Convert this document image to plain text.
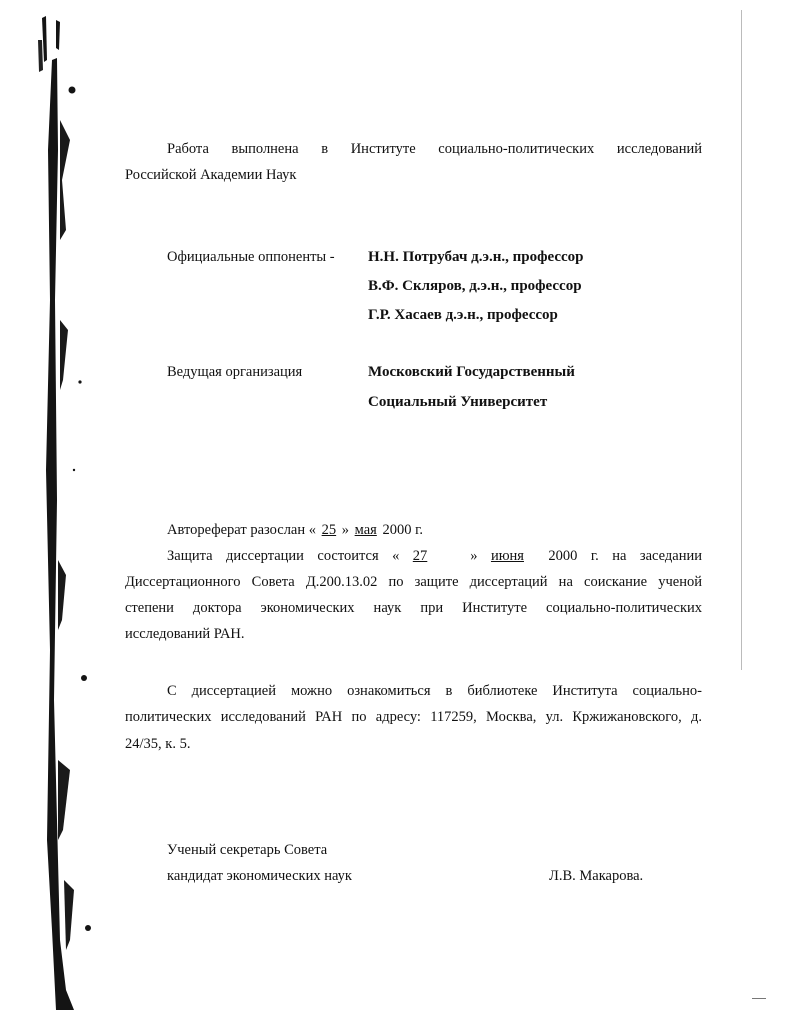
Работа выполнена в Институте социально-политических исследований
Российской Академии Наук
Официальные оппоненты - Н.Н. Потрубач д.э.н., профессор
В.Ф. Скляров, д.э.н., профессор
Г.Р. Хасаев д.э.н., профессор
Ведущая организация	Московский Государственный
Социальный Университет
Автореферат разослан « 25 » мая 2000 г.
Защита диссертации состоится « 27	» июня 2000 г. на заседании
Диссертационного Совета Д.200.13.02 по защите диссертаций на соискание ученой
степени доктора экономических наук при Институте социально-политических
исследований РАН.
С диссертацией можно ознакомиться в библиотеке Института социально-
политических исследований РАН по адресу: 117259, Москва, ул. Кржижановского, д.
24/35, к. 5.
Ученый секретарь Совета
кандидат экономических наук	Л.В. Макарова.
